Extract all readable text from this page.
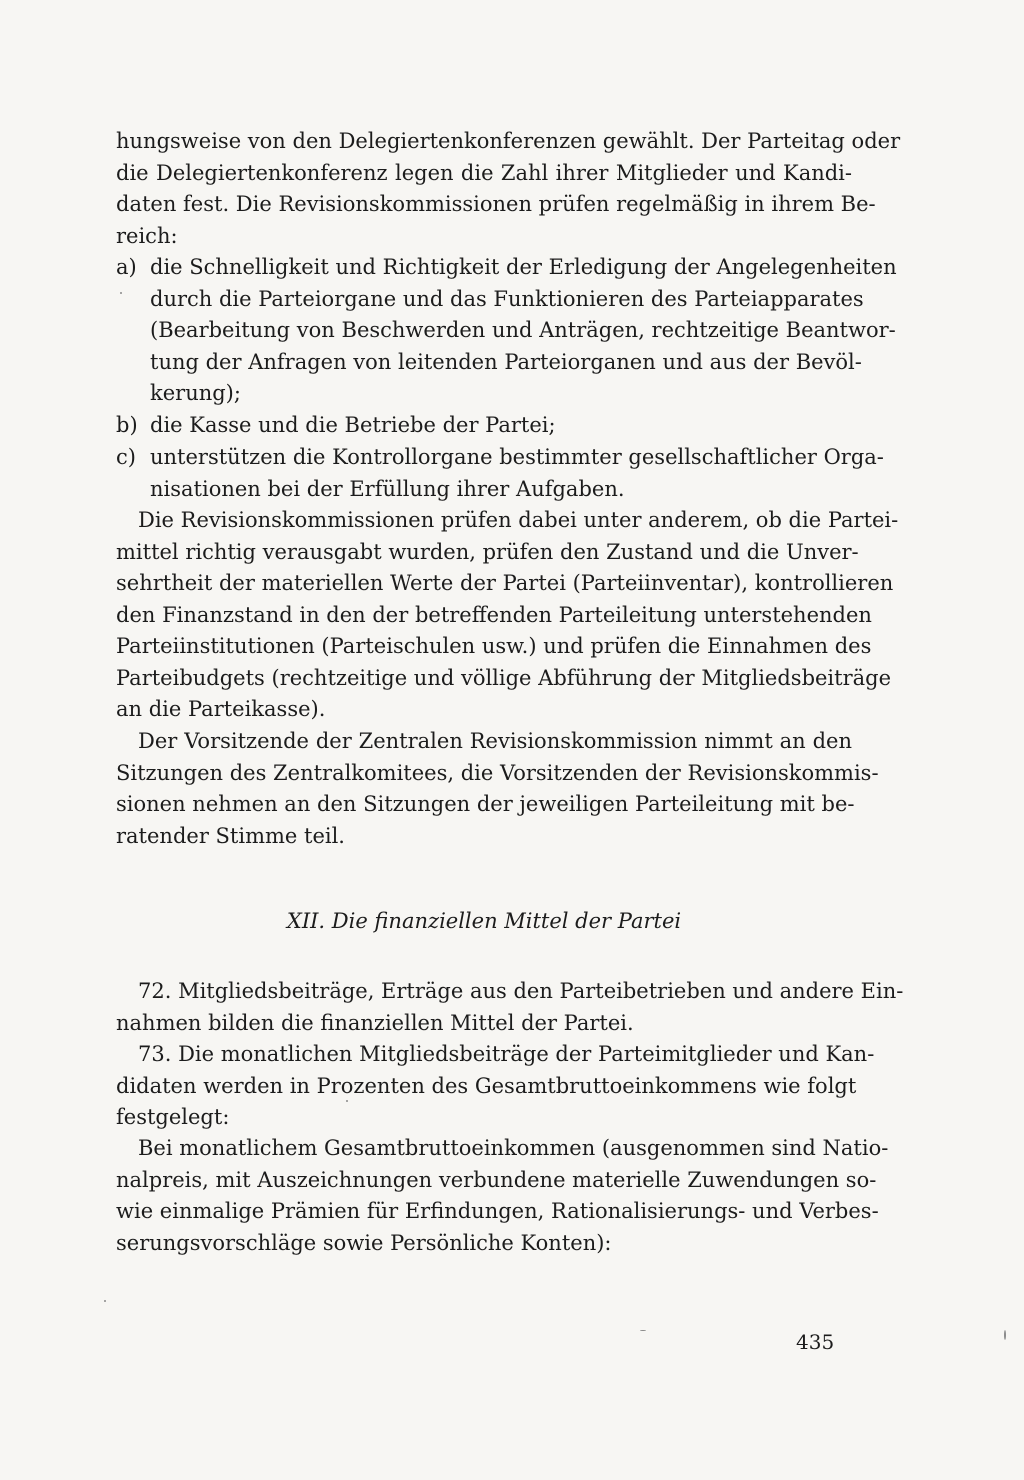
hungsweise von den Delegiertenkonferenzen gewählt. Der Parteitag oder
die Delegiertenkonferenz legen die Zahl ihrer Mitglieder und Kandi-
daten fest. Die Revisionskommissionen prüfen regelmäßig in ihrem Be-
reich:
a) die Schnelligkeit und Richtigkeit der Erledigung der Angelegenheiten
durch die Parteiorgane und das Funktionieren des Parteiapparates
(Bearbeitung von Beschwerden und Anträgen, rechtzeitige Beantwor-
tung der Anfragen von leitenden Parteiorganen und aus der Bevöl-
kerung);
b) die Kasse und die Betriebe der Partei;
c) unterstützen die Kontrollorgane bestimmter gesellschaftlicher Orga-
nisationen bei der Erfüllung ihrer Aufgaben.
Die Revisionskommissionen prüfen dabei unter anderem, ob die Partei-
mittel richtig verausgabt wurden, prüfen den Zustand und die Unver-
sehrtheit der materiellen Werte der Partei (Parteiinventar), kontrollieren
den Finanzstand in den der betreffenden Parteileitung unterstehenden
Parteiinstitutionen (Parteischulen usw.) und prüfen die Einnahmen des
Parteibudgets (rechtzeitige und völlige Abführung der Mitgliedsbeiträge
an die Parteikasse).
Der Vorsitzende der Zentralen Revisionskommission nimmt an den
Sitzungen des Zentralkomitees, die Vorsitzenden der Revisionskommis-
sionen nehmen an den Sitzungen der jeweiligen Parteileitung mit be-
ratender Stimme teil.
XII. Die finanziellen Mittel der Partei
72. Mitgliedsbeiträge, Erträge aus den Parteibetrieben und andere Ein-
nahmen bilden die finanziellen Mittel der Partei.
73. Die monatlichen Mitgliedsbeiträge der Parteimitglieder und Kan-
didaten werden in Prozenten des Gesamtbruttoeinkommens wie folgt
festgelegt:
Bei monatlichem Gesamtbruttoeinkommen (ausgenommen sind Natio-
nalpreis, mit Auszeichnungen verbundene materielle Zuwendungen so-
wie einmalige Prämien für Erfindungen, Rationalisierungs- und Verbes-
serungsvorschläge sowie Persönliche Konten):
435
